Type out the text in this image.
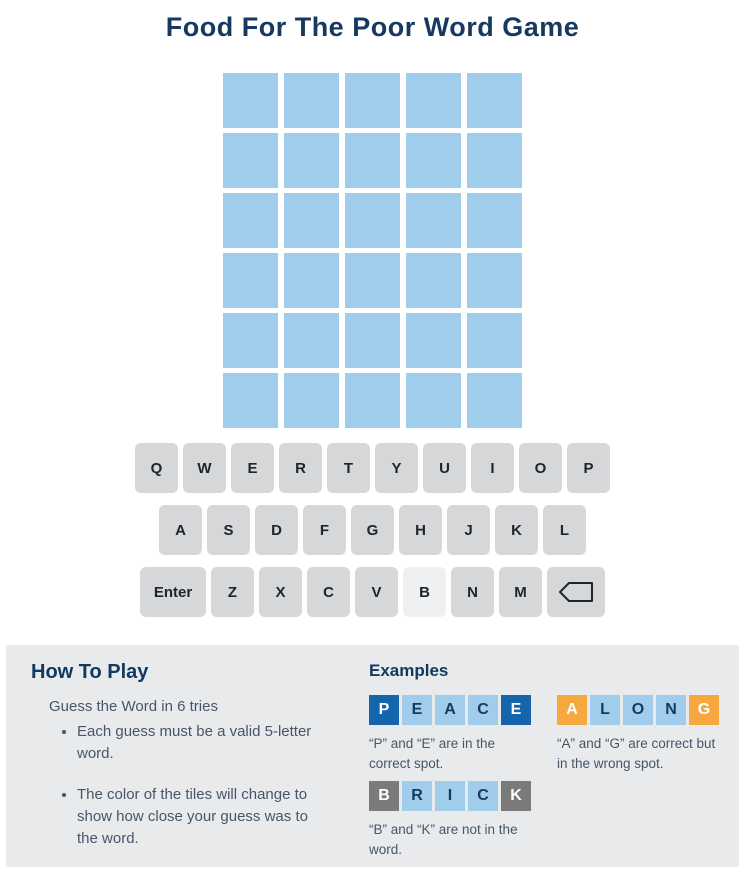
Food For The Poor Word Game
Q	W	E	R	T	Y	U	I	O	P
A	S	D	F	G	H	J	K	L
Enter	Z	X	C	V	B	N	M
How To Play

Guess the Word in 6 tries

• Each guess must be a valid 5-letter word.
• The color of the tiles will change to show how close your guess was to the word.
Examples
P	E	A	C	E

“P” and “E” are in the correct spot.

B	R	I	C	K

“B” and “K” are not in the word.

A	L	O	N	G

“A” and “G” are correct but in the wrong spot.
